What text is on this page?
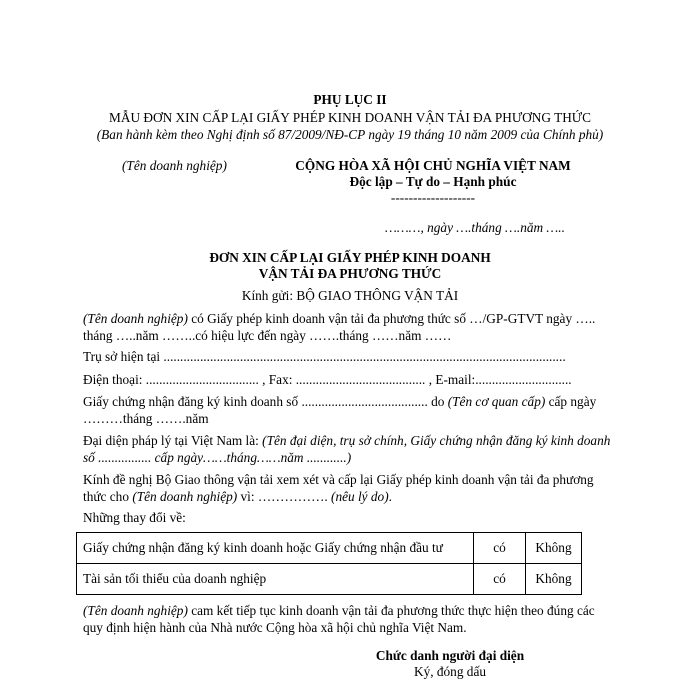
PHỤ LỤC II
MẪU ĐƠN XIN CẤP LẠI GIẤY PHÉP KINH DOANH VẬN TẢI ĐA PHƯƠNG THỨC
(Ban hành kèm theo Nghị định số 87/2009/NĐ-CP ngày 19 tháng 10 năm 2009 của Chính phủ)
(Tên doanh nghiệp)	CỘNG HÒA XÃ HỘI CHỦ NGHĨA VIỆT NAM
Độc lập – Tự do – Hạnh phúc
-------------------
………, ngày ….tháng ….năm …..
ĐƠN XIN CẤP LẠI GIẤY PHÉP KINH DOANH
VẬN TẢI ĐA PHƯƠNG THỨC
Kính gửi: BỘ GIAO THÔNG VẬN TẢI
(Tên doanh nghiệp) có Giấy phép kinh doanh vận tải đa phương thức số …/GP-GTVT ngày ….. tháng …..năm ……..có hiệu lực đến ngày …….tháng ……năm ……
Trụ sở hiện tại .........................................................................................................................
Điện thoại: .................................. , Fax: ....................................... , E-mail:.............................
Giấy chứng nhận đăng ký kinh doanh số ...................................... do (Tên cơ quan cấp) cấp ngày ………tháng …….năm
Đại diện pháp lý tại Việt Nam là: (Tên đại diện, trụ sở chính, Giấy chứng nhận đăng ký kinh doanh số ................ cấp ngày……tháng……năm ............)
Kính đề nghị Bộ Giao thông vận tải xem xét và cấp lại Giấy phép kinh doanh vận tải đa phương thức cho (Tên doanh nghiệp) vì: ……………. (nêu lý do).
Những thay đổi về:
Giấy chứng nhận đăng ký kinh doanh hoặc Giấy chứng nhận đầu tư	có	Không
Tài sản tối thiểu của doanh nghiệp	có	Không
(Tên doanh nghiệp) cam kết tiếp tục kinh doanh vận tải đa phương thức thực hiện theo đúng các quy định hiện hành của Nhà nước Cộng hòa xã hội chủ nghĩa Việt Nam.
Chức danh người đại diện
Ký, đóng dấu
